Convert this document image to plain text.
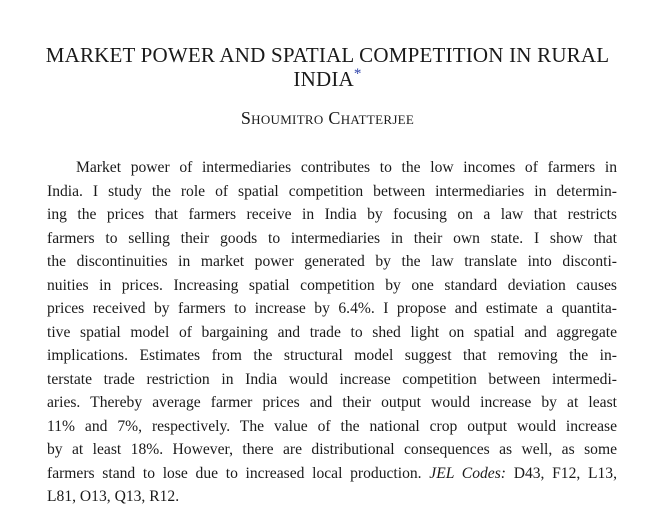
MARKET POWER AND SPATIAL COMPETITION IN RURAL
INDIA*
Shoumitro Chatterjee
Market power of intermediaries contributes to the low incomes of farmers in
India. I study the role of spatial competition between intermediaries in determin-
ing the prices that farmers receive in India by focusing on a law that restricts
farmers to selling their goods to intermediaries in their own state. I show that
the discontinuities in market power generated by the law translate into disconti-
nuities in prices. Increasing spatial competition by one standard deviation causes
prices received by farmers to increase by 6.4%. I propose and estimate a quantita-
tive spatial model of bargaining and trade to shed light on spatial and aggregate
implications. Estimates from the structural model suggest that removing the in-
terstate trade restriction in India would increase competition between intermedi-
aries. Thereby average farmer prices and their output would increase by at least
11% and 7%, respectively. The value of the national crop output would increase
by at least 18%. However, there are distributional consequences as well, as some
farmers stand to lose due to increased local production. JEL Codes: D43, F12, L13,
L81, O13, Q13, R12.
